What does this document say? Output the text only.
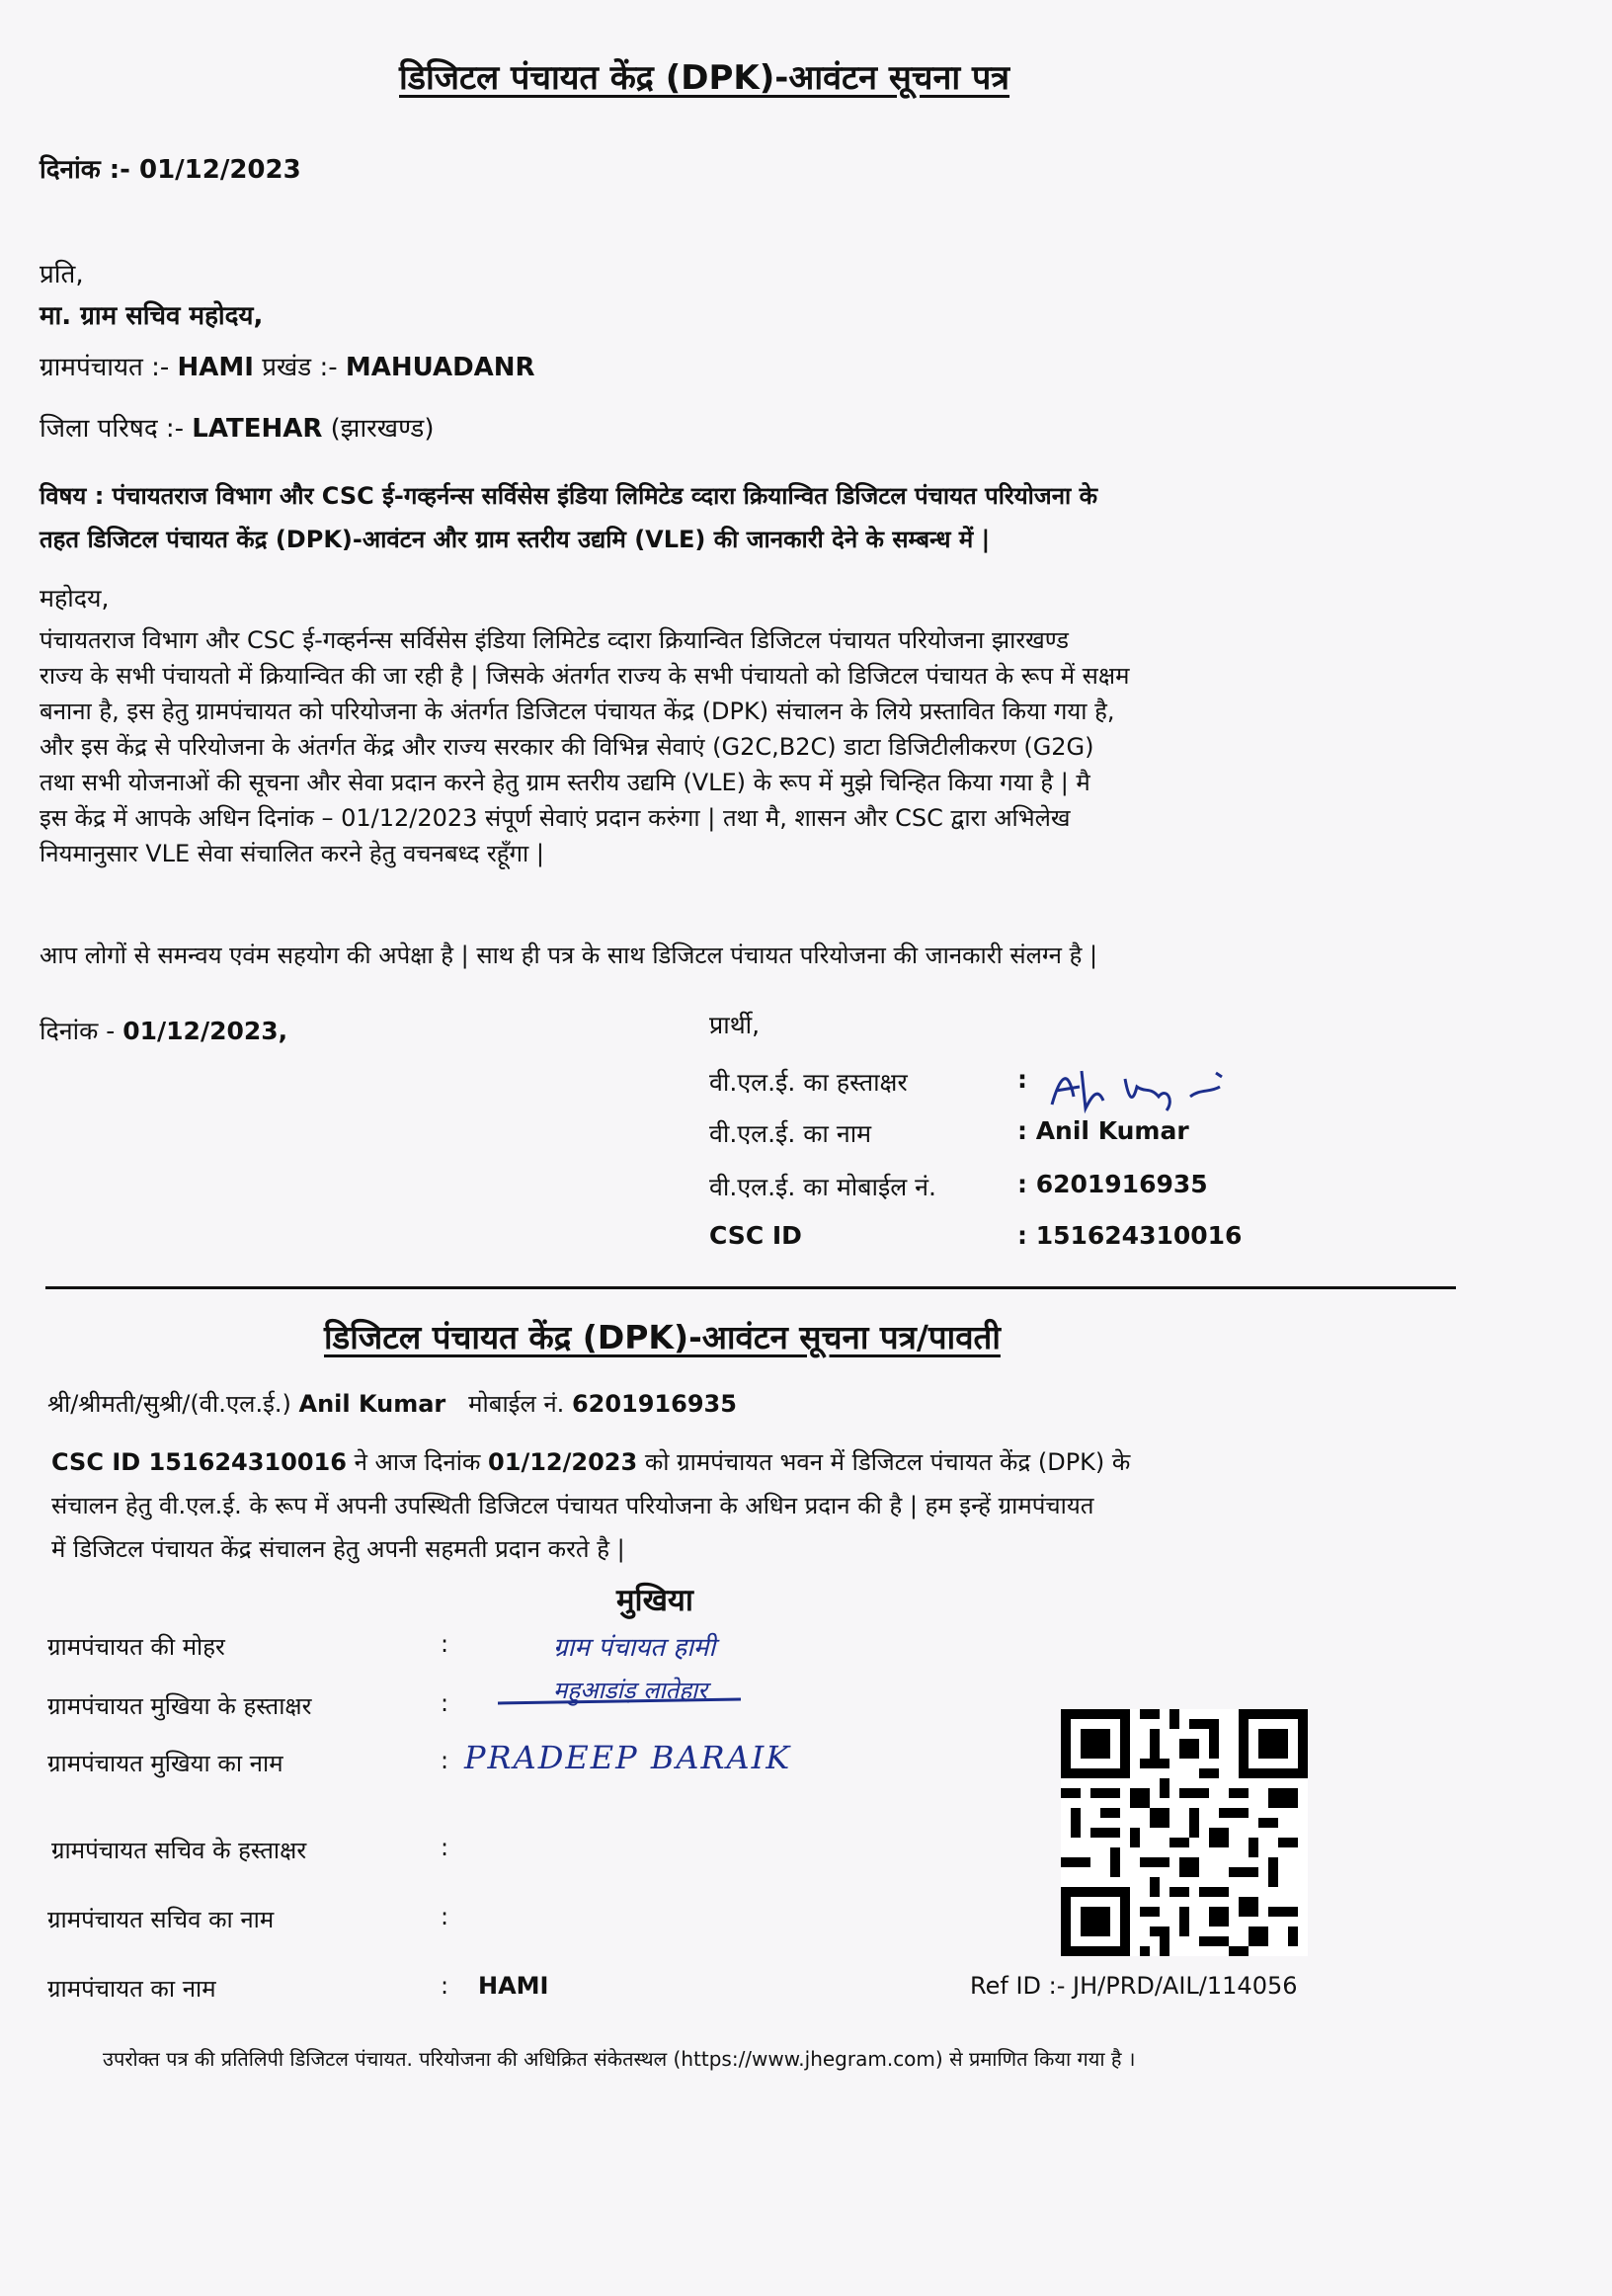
डिजिटल पंचायत केंद्र (DPK)-आवंटन सूचना पत्र
दिनांक :- 01/12/2023
प्रति,
मा. ग्राम सचिव महोदय,
ग्रामपंचायत :- HAMI प्रखंड :- MAHUADANR
जिला परिषद :- LATEHAR (झारखण्ड)
विषय : पंचायतराज विभाग और CSC ई-गव्हर्नन्स सर्विसेस इंडिया लिमिटेड व्दारा क्रियान्वित डिजिटल पंचायत परियोजना के
तहत डिजिटल पंचायत केंद्र (DPK)-आवंटन और ग्राम स्तरीय उद्यमि (VLE) की जानकारी देने के सम्बन्ध में |
महोदय,
पंचायतराज विभाग और CSC ई-गव्हर्नन्स सर्विसेस इंडिया लिमिटेड व्दारा क्रियान्वित डिजिटल पंचायत परियोजना झारखण्ड
राज्य के सभी पंचायतो में क्रियान्वित की जा रही है | जिसके अंतर्गत राज्य के सभी पंचायतो को डिजिटल पंचायत के रूप में सक्षम
बनाना है, इस हेतु ग्रामपंचायत को परियोजना के अंतर्गत डिजिटल पंचायत केंद्र (DPK) संचालन के लिये प्रस्तावित किया गया है,
और इस केंद्र से परियोजना के अंतर्गत केंद्र और राज्य सरकार की विभिन्न सेवाएं (G2C,B2C) डाटा डिजिटीलीकरण (G2G)
तथा सभी योजनाओं की सूचना और सेवा प्रदान करने हेतु ग्राम स्तरीय उद्यमि (VLE) के रूप में मुझे चिन्हित किया गया है | मै
इस केंद्र में आपके अधिन दिनांक – 01/12/2023 संपूर्ण सेवाएं प्रदान करुंगा | तथा मै, शासन और CSC द्वारा अभिलेख
नियमानुसार VLE सेवा संचालित करने हेतु वचनबध्द रहूँगा |
आप लोगों से समन्वय एवंम सहयोग की अपेक्षा है | साथ ही पत्र के साथ डिजिटल पंचायत परियोजना की जानकारी संलग्न है |
दिनांक - 01/12/2023,	प्रार्थी,
वी.एल.ई. का हस्ताक्षर	:
वी.एल.ई. का नाम	: Anil Kumar
वी.एल.ई. का मोबाईल नं.	: 6201916935
CSC ID	: 151624310016
डिजिटल पंचायत केंद्र (DPK)-आवंटन सूचना पत्र/पावती
श्री/श्रीमती/सुश्री/(वी.एल.ई.) Anil Kumar मोबाईल नं. 6201916935
CSC ID 151624310016 ने आज दिनांक 01/12/2023 को ग्रामपंचायत भवन में डिजिटल पंचायत केंद्र (DPK) के
संचालन हेतु वी.एल.ई. के रूप में अपनी उपस्थिती डिजिटल पंचायत परियोजना के अधिन प्रदान की है | हम इन्हें ग्रामपंचायत
में डिजिटल पंचायत केंद्र संचालन हेतु अपनी सहमती प्रदान करते है |
मुखिया
ग्राम पंचायत हामी
महुआडांड़ लातेहार
ग्रामपंचायत की मोहर	:
ग्रामपंचायत मुखिया के हस्ताक्षर	:
ग्रामपंचायत मुखिया का नाम	: PRADEEP BARAIK
ग्रामपंचायत सचिव के हस्ताक्षर	:
ग्रामपंचायत सचिव का नाम	:
ग्रामपंचायत का नाम	: HAMI	Ref ID :- JH/PRD/AIL/114056
उपरोक्त पत्र की प्रतिलिपी डिजिटल पंचायत. परियोजना की अधिक्रित संकेतस्थल (https://www.jhegram.com) से प्रमाणित किया गया है ।
